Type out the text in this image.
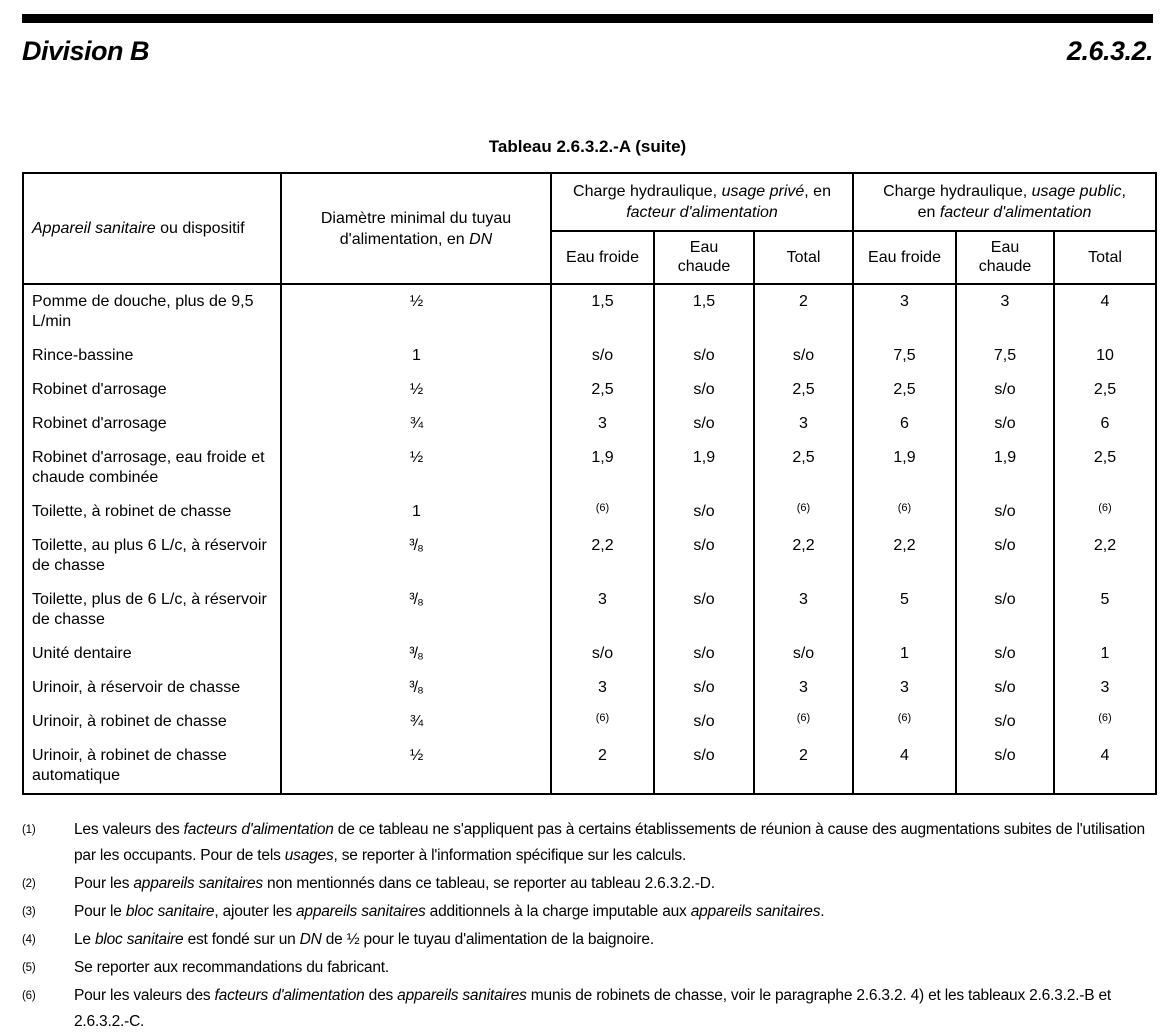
Division B	2.6.3.2.
Tableau 2.6.3.2.-A (suite)
Appareil sanitaire ou dispositif	Diamètre minimal du tuyau d'alimentation, en DN	Charge hydraulique, usage privé, en facteur d'alimentation			Charge hydraulique, usage public, en facteur d'alimentation		
		Eau froide	Eau chaude	Total	Eau froide	Eau chaude	Total
Pomme de douche, plus de 9,5 L/min	½	1,5	1,5	2	3	3	4
Rince-bassine	1	s/o	s/o	s/o	7,5	7,5	10
Robinet d'arrosage	½	2,5	s/o	2,5	2,5	s/o	2,5
Robinet d'arrosage	¾	3	s/o	3	6	s/o	6
Robinet d'arrosage, eau froide et chaude combinée	½	1,9	1,9	2,5	1,9	1,9	2,5
Toilette, à robinet de chasse	1	$^{(6)}$	s/o	$^{(6)}$	$^{(6)}$	s/o	$^{(6)}$
Toilette, au plus 6 L/c, à réservoir de chasse	³/₈	2,2	s/o	2,2	2,2	s/o	2,2
Toilette, plus de 6 L/c, à réservoir de chasse	³/₈	3	s/o	3	5	s/o	5
Unité dentaire	³/₈	s/o	s/o	s/o	1	s/o	1
Urinoir, à réservoir de chasse	³/₈	3	s/o	3	3	s/o	3
Urinoir, à robinet de chasse	¾	$^{(6)}$	s/o	$^{(6)}$	$^{(6)}$	s/o	$^{(6)}$
Urinoir, à robinet de chasse automatique	½	2	s/o	2	4	s/o	4
(1) Les valeurs des facteurs d'alimentation de ce tableau ne s'appliquent pas à certains établissements de réunion à cause des augmentations subites de l'utilisation par les occupants. Pour de tels usages, se reporter à l'information spécifique sur les calculs.
(2) Pour les appareils sanitaires non mentionnés dans ce tableau, se reporter au tableau 2.6.3.2.-D.
(3) Pour le bloc sanitaire, ajouter les appareils sanitaires additionnels à la charge imputable aux appareils sanitaires.
(4) Le bloc sanitaire est fondé sur un DN de ½ pour le tuyau d'alimentation de la baignoire.
(5) Se reporter aux recommandations du fabricant.
(6) Pour les valeurs des facteurs d'alimentation des appareils sanitaires munis de robinets de chasse, voir le paragraphe 2.6.3.2. 4) et les tableaux 2.6.3.2.-B et 2.6.3.2.-C.
